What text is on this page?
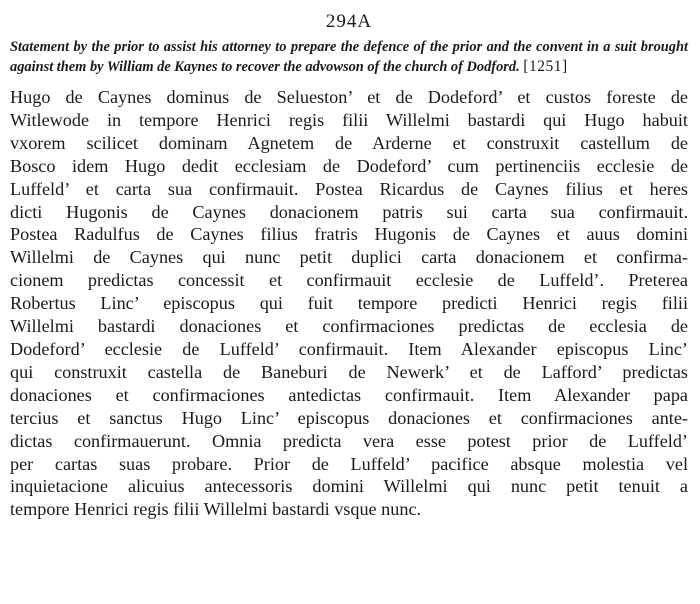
294A

Statement by the prior to assist his attorney to prepare the defence of the prior and the convent in a suit brought against them by William de Kaynes to recover the advowson of the church of Dodford. [1251]

Hugo de Caynes dominus de Selueston’ et de Dodeford’ et custos foreste de
Witlewode in tempore Henrici regis filii Willelmi bastardi qui Hugo habuit
vxorem scilicet dominam Agnetem de Arderne et construxit castellum de
Bosco idem Hugo dedit ecclesiam de Dodeford’ cum pertinenciis ecclesie de
Luffeld’ et carta sua confirmauit. Postea Ricardus de Caynes filius et heres
dicti Hugonis de Caynes donacionem patris sui carta sua confirmauit.
Postea Radulfus de Caynes filius fratris Hugonis de Caynes et auus domini
Willelmi de Caynes qui nunc petit duplici carta donacionem et confirma-
cionem predictas concessit et confirmauit ecclesie de Luffeld’. Preterea
Robertus Linc’ episcopus qui fuit tempore predicti Henrici regis filii
Willelmi bastardi donaciones et confirmaciones predictas de ecclesia de
Dodeford’ ecclesie de Luffeld’ confirmauit. Item Alexander episcopus Linc’
qui construxit castella de Baneburi de Newerk’ et de Lafford’ predictas
donaciones et confirmaciones antedictas confirmauit. Item Alexander papa
tercius et sanctus Hugo Linc’ episcopus donaciones et confirmaciones ante-
dictas confirmauerunt. Omnia predicta vera esse potest prior de Luffeld’
per cartas suas probare. Prior de Luffeld’ pacifice absque molestia vel
inquietacione alicuius antecessoris domini Willelmi qui nunc petit tenuit a
tempore Henrici regis filii Willelmi bastardi vsque nunc.
